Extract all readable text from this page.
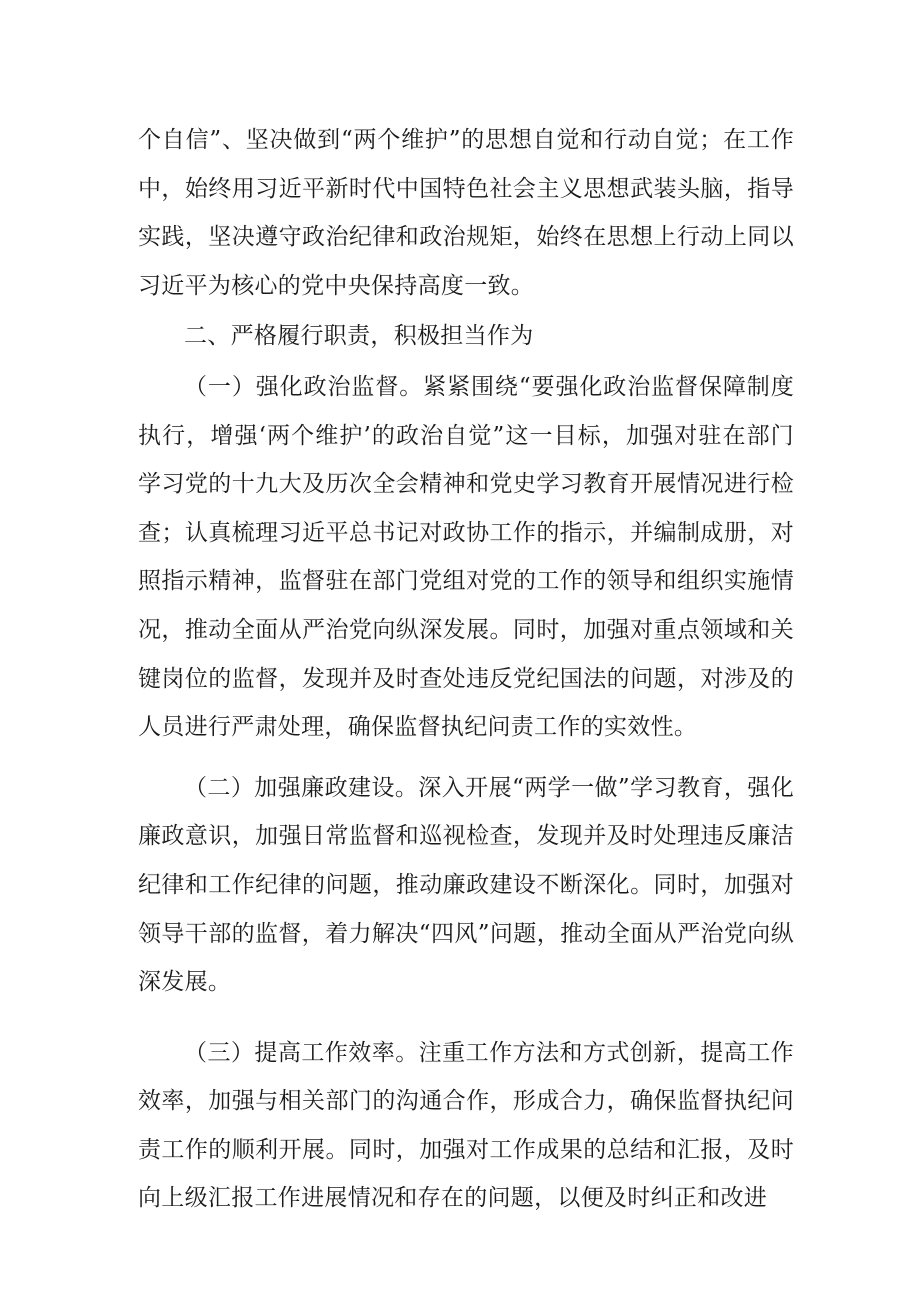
个自信”、坚决做到“两个维护”的思想自觉和行动自觉；在工作中，始终用习近平新时代中国特色社会主义思想武装头脑，指导实践，坚决遵守政治纪律和政治规矩，始终在思想上行动上同以习近平为核心的党中央保持高度一致。

二、严格履行职责，积极担当作为

（一）强化政治监督。紧紧围绕“要强化政治监督保障制度执行，增强‘两个维护’的政治自觉”这一目标，加强对驻在部门学习党的十九大及历次全会精神和党史学习教育开展情况进行检查；认真梳理习近平总书记对政协工作的指示，并编制成册，对照指示精神，监督驻在部门党组对党的工作的领导和组织实施情况，推动全面从严治党向纵深发展。同时，加强对重点领域和关键岗位的监督，发现并及时查处违反党纪国法的问题，对涉及的人员进行严肃处理，确保监督执纪问责工作的实效性。

（二）加强廉政建设。深入开展“两学一做”学习教育，强化廉政意识，加强日常监督和巡视检查，发现并及时处理违反廉洁纪律和工作纪律的问题，推动廉政建设不断深化。同时，加强对领导干部的监督，着力解决“四风”问题，推动全面从严治党向纵深发展。

（三）提高工作效率。注重工作方法和方式创新，提高工作效率，加强与相关部门的沟通合作，形成合力，确保监督执纪问责工作的顺利开展。同时，加强对工作成果的总结和汇报，及时向上级汇报工作进展情况和存在的问题，以便及时纠正和改进
